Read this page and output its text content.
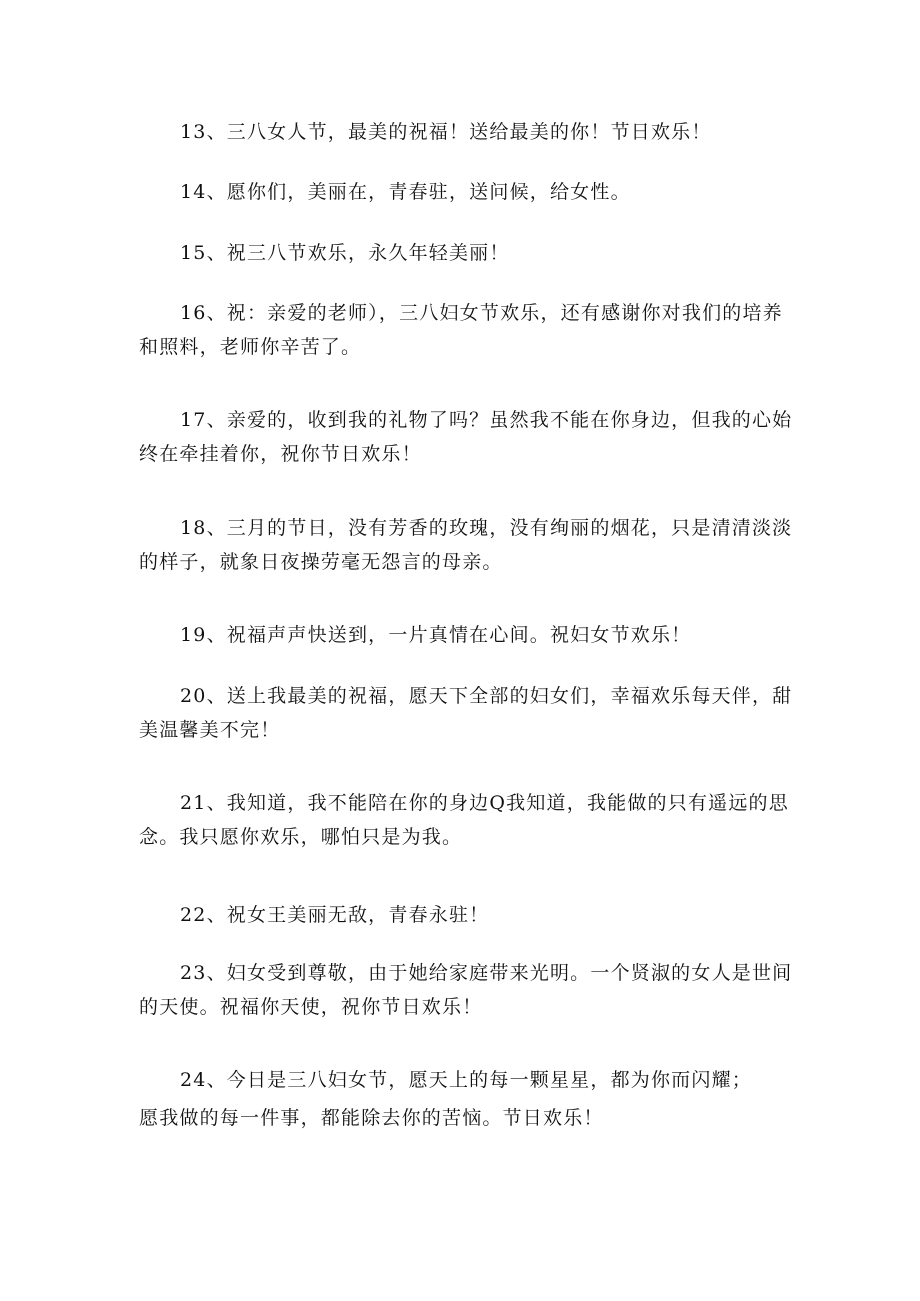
13、三八女人节，最美的祝福！送给最美的你！节日欢乐！

14、愿你们，美丽在，青春驻，送问候，给女性。

15、祝三八节欢乐，永久年轻美丽！

16、祝：亲爱的老师），三八妇女节欢乐，还有感谢你对我们的培养
和照料，老师你辛苦了。

17、亲爱的，收到我的礼物了吗？虽然我不能在你身边，但我的心始
终在牵挂着你，祝你节日欢乐！

18、三月的节日，没有芳香的玫瑰，没有绚丽的烟花，只是清清淡淡
的样子，就象日夜操劳毫无怨言的母亲。

19、祝福声声快送到，一片真情在心间。祝妇女节欢乐！

20、送上我最美的祝福，愿天下全部的妇女们，幸福欢乐每天伴，甜
美温馨美不完！

21、我知道，我不能陪在你的身边Q我知道，我能做的只有遥远的思
念。我只愿你欢乐，哪怕只是为我。

22、祝女王美丽无敌，青春永驻！

23、妇女受到尊敬，由于她给家庭带来光明。一个贤淑的女人是世间
的天使。祝福你天使，祝你节日欢乐！

24、今日是三八妇女节，愿天上的每一颗星星，都为你而闪耀；
愿我做的每一件事，都能除去你的苦恼。节日欢乐！
